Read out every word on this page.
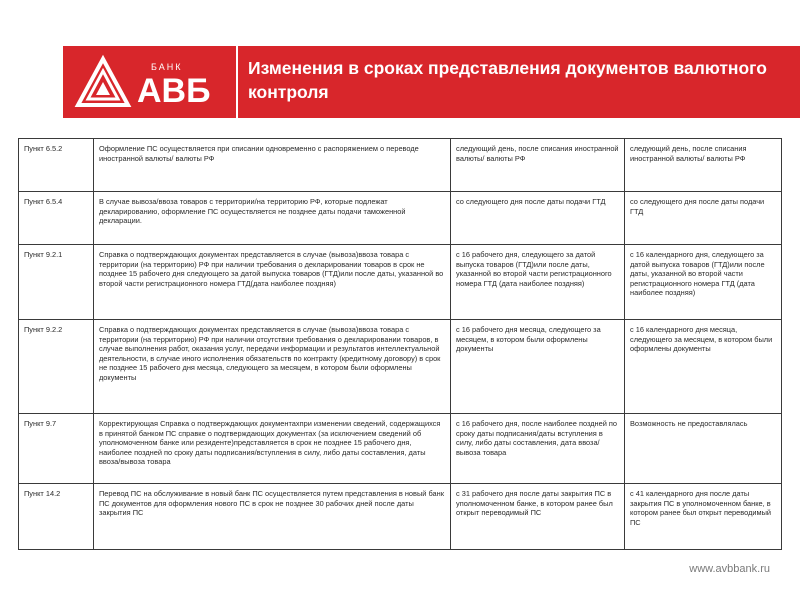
БАНК
АВБ
Изменения в сроках представления документов валютного контроля
Пункт 6.5.2	Оформление ПС осуществляется при списании одновременно с распоряжением о переводе иностранной валюты/ валюты РФ	следующий день, после списания иностранной валюты/ валюты РФ	следующий день, после списания иностранной валюты/ валюты РФ
Пункт 6.5.4	В случае вывоза/ввоза товаров с территории/на территорию РФ, которые подлежат декларированию, оформление ПС осуществляется не позднее даты подачи таможенной декларации.	со следующего дня после даты подачи ГТД	со следующего дня после даты подачи ГТД
Пункт 9.2.1	Справка о подтверждающих документах представляется в случае (вывоза)ввоза товара с территории (на территорию) РФ при наличии требования о декларировании товаров в срок не позднее 15 рабочего дня следующего за датой выпуска товаров (ГТД)или после даты, указанной во второй части регистрационного номера ГТД(дата наиболее поздняя)	с 16 рабочего дня, следующего за датой выпуска товаров (ГТД)или после даты, указанной во второй части регистрационного номера ГТД (дата наиболее поздняя)	с 16 календарного дня, следующего за датой выпуска товаров (ГТД)или после даты, указанной во второй части регистрационного номера ГТД (дата наиболее поздняя)
Пункт 9.2.2	Справка о подтверждающих документах представляется в случае (вывоза)ввоза товара с территории (на территорию) РФ при наличии отсутствии требования о декларировании товаров, в случае выполнения работ, оказания услуг, передачи информации и результатов интеллектуальной деятельности, в случае иного исполнения обязательств по контракту (кредитному договору) в срок не позднее 15 рабочего дня месяца, следующего за месяцем, в котором были оформлены документы	с 16 рабочего дня месяца, следующего за месяцем, в котором были оформлены документы	с 16 календарного дня месяца, следующего за месяцем, в котором были оформлены документы
Пункт 9.7	Корректирующая Справка о подтверждающих документахпри изменении сведений, содержащихся в принятой банком ПС справке о подтверждающих документах (за исключением сведений об уполномоченном банке или резиденте)представляется в срок не позднее 15 рабочего дня, наиболее поздней по сроку даты подписания/вступления в силу, либо даты составления, даты ввоза/вывоза товара	с 16 рабочего дня, после наиболее поздней по сроку даты подписания/даты вступления в силу, либо даты составления, дата ввоза/вывоза товара	Возможность не предоставлялась
Пункт 14.2	Перевод ПС на обслуживание в новый банк ПС осуществляется путем представления в новый банк ПС документов для оформления нового ПС в срок не позднее 30 рабочих дней после даты закрытия ПС	с 31 рабочего дня после даты закрытия ПС в уполномоченном банке, в котором ранее был открыт переводимый ПС	с 41 календарного дня после даты закрытия ПС в уполномоченном банке, в котором ранее был открыт переводимый ПС
www.avbbank.ru
